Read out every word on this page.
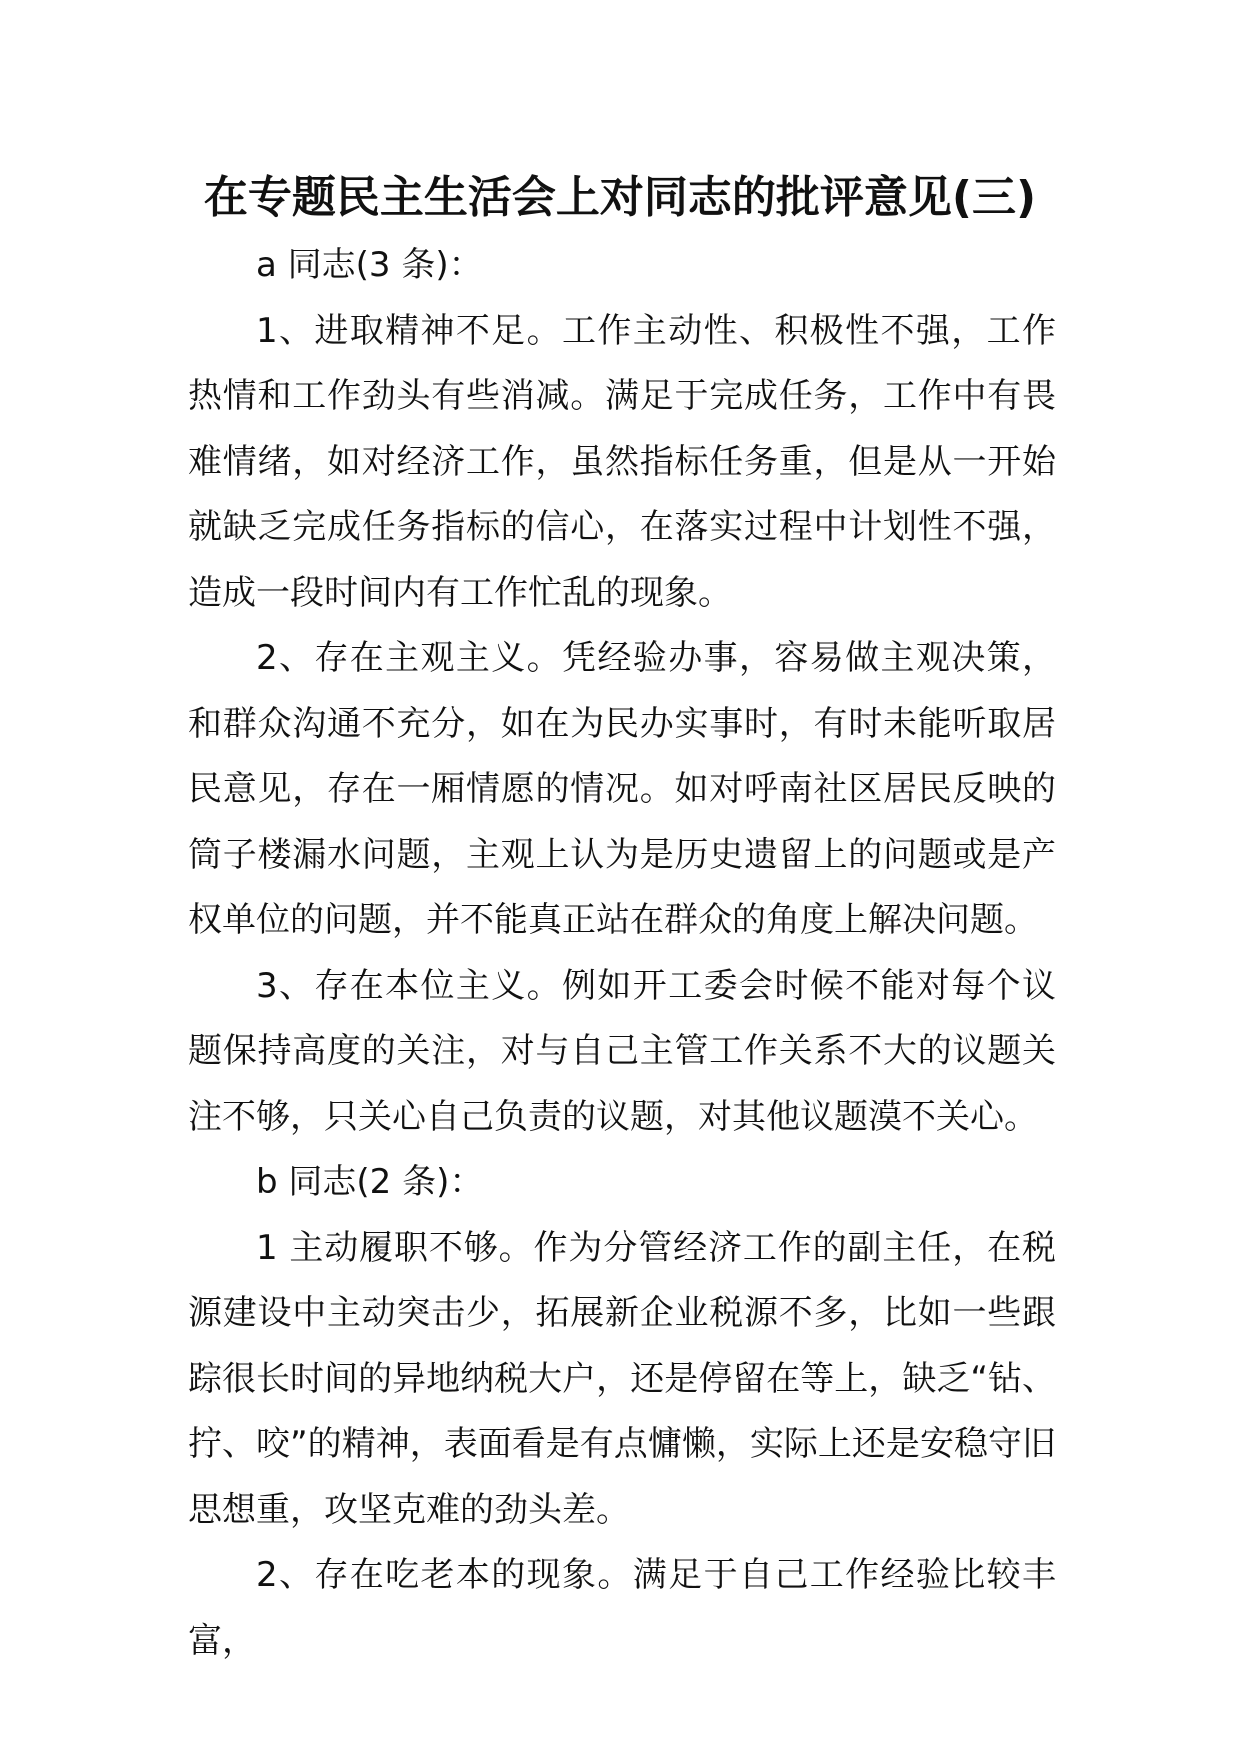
在专题民主生活会上对同志的批评意见(三)

a 同志(3 条)：

1、进取精神不足。工作主动性、积极性不强，工作热情和工作劲头有些消减。满足于完成任务，工作中有畏难情绪，如对经济工作，虽然指标任务重，但是从一开始就缺乏完成任务指标的信心，在落实过程中计划性不强，造成一段时间内有工作忙乱的现象。

2、存在主观主义。凭经验办事，容易做主观决策，和群众沟通不充分，如在为民办实事时，有时未能听取居民意见，存在一厢情愿的情况。如对呼南社区居民反映的筒子楼漏水问题，主观上认为是历史遗留上的问题或是产权单位的问题，并不能真正站在群众的角度上解决问题。

3、存在本位主义。例如开工委会时候不能对每个议题保持高度的关注，对与自己主管工作关系不大的议题关注不够，只关心自己负责的议题，对其他议题漠不关心。

b 同志(2 条)：

1 主动履职不够。作为分管经济工作的副主任，在税源建设中主动突击少，拓展新企业税源不多，比如一些跟踪很长时间的异地纳税大户，还是停留在等上，缺乏“钻、拧、咬”的精神，表面看是有点慵懒，实际上还是安稳守旧思想重，攻坚克难的劲头差。

2、存在吃老本的现象。满足于自己工作经验比较丰富，
